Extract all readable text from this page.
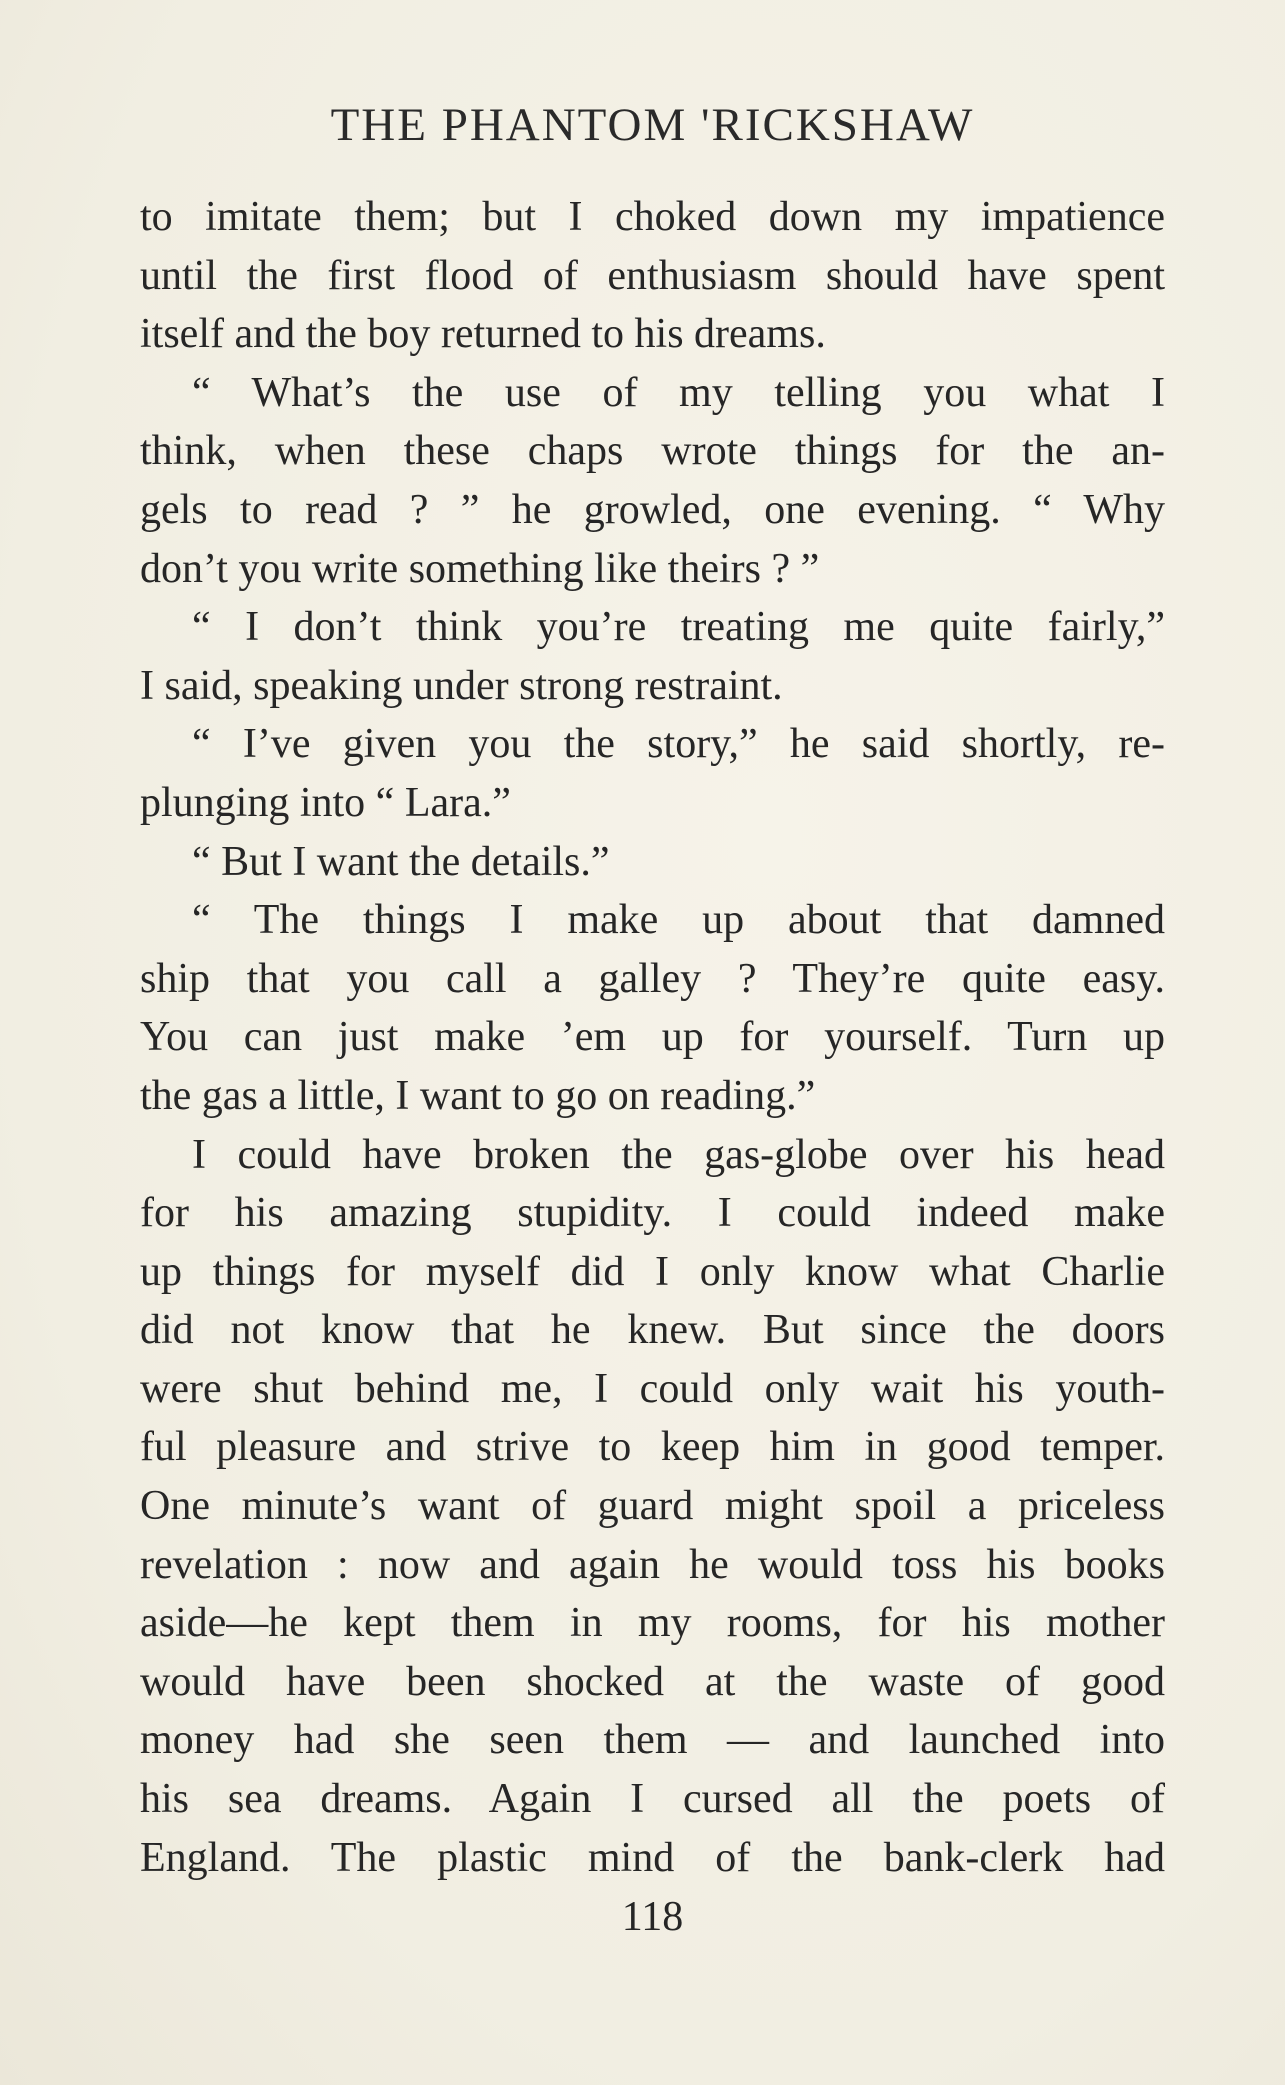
THE PHANTOM 'RICKSHAW
to imitate them; but I choked down my impatience
until the first flood of enthusiasm should have spent
itself and the boy returned to his dreams.
“ What’s the use of my telling you what I
think, when these chaps wrote things for the an-
gels to read ? ” he growled, one evening. “ Why
don’t you write something like theirs ? ”
“ I don’t think you’re treating me quite fairly,”
I said, speaking under strong restraint.
“ I’ve given you the story,” he said shortly, re-
plunging into “ Lara.”
“ But I want the details.”
“ The things I make up about that damned
ship that you call a galley ? They’re quite easy.
You can just make ’em up for yourself. Turn up
the gas a little, I want to go on reading.”
I could have broken the gas-globe over his head
for his amazing stupidity. I could indeed make
up things for myself did I only know what Charlie
did not know that he knew. But since the doors
were shut behind me, I could only wait his youth-
ful pleasure and strive to keep him in good temper.
One minute’s want of guard might spoil a priceless
revelation : now and again he would toss his books
aside—he kept them in my rooms, for his mother
would have been shocked at the waste of good
money had she seen them — and launched into
his sea dreams. Again I cursed all the poets of
England. The plastic mind of the bank-clerk had
118
